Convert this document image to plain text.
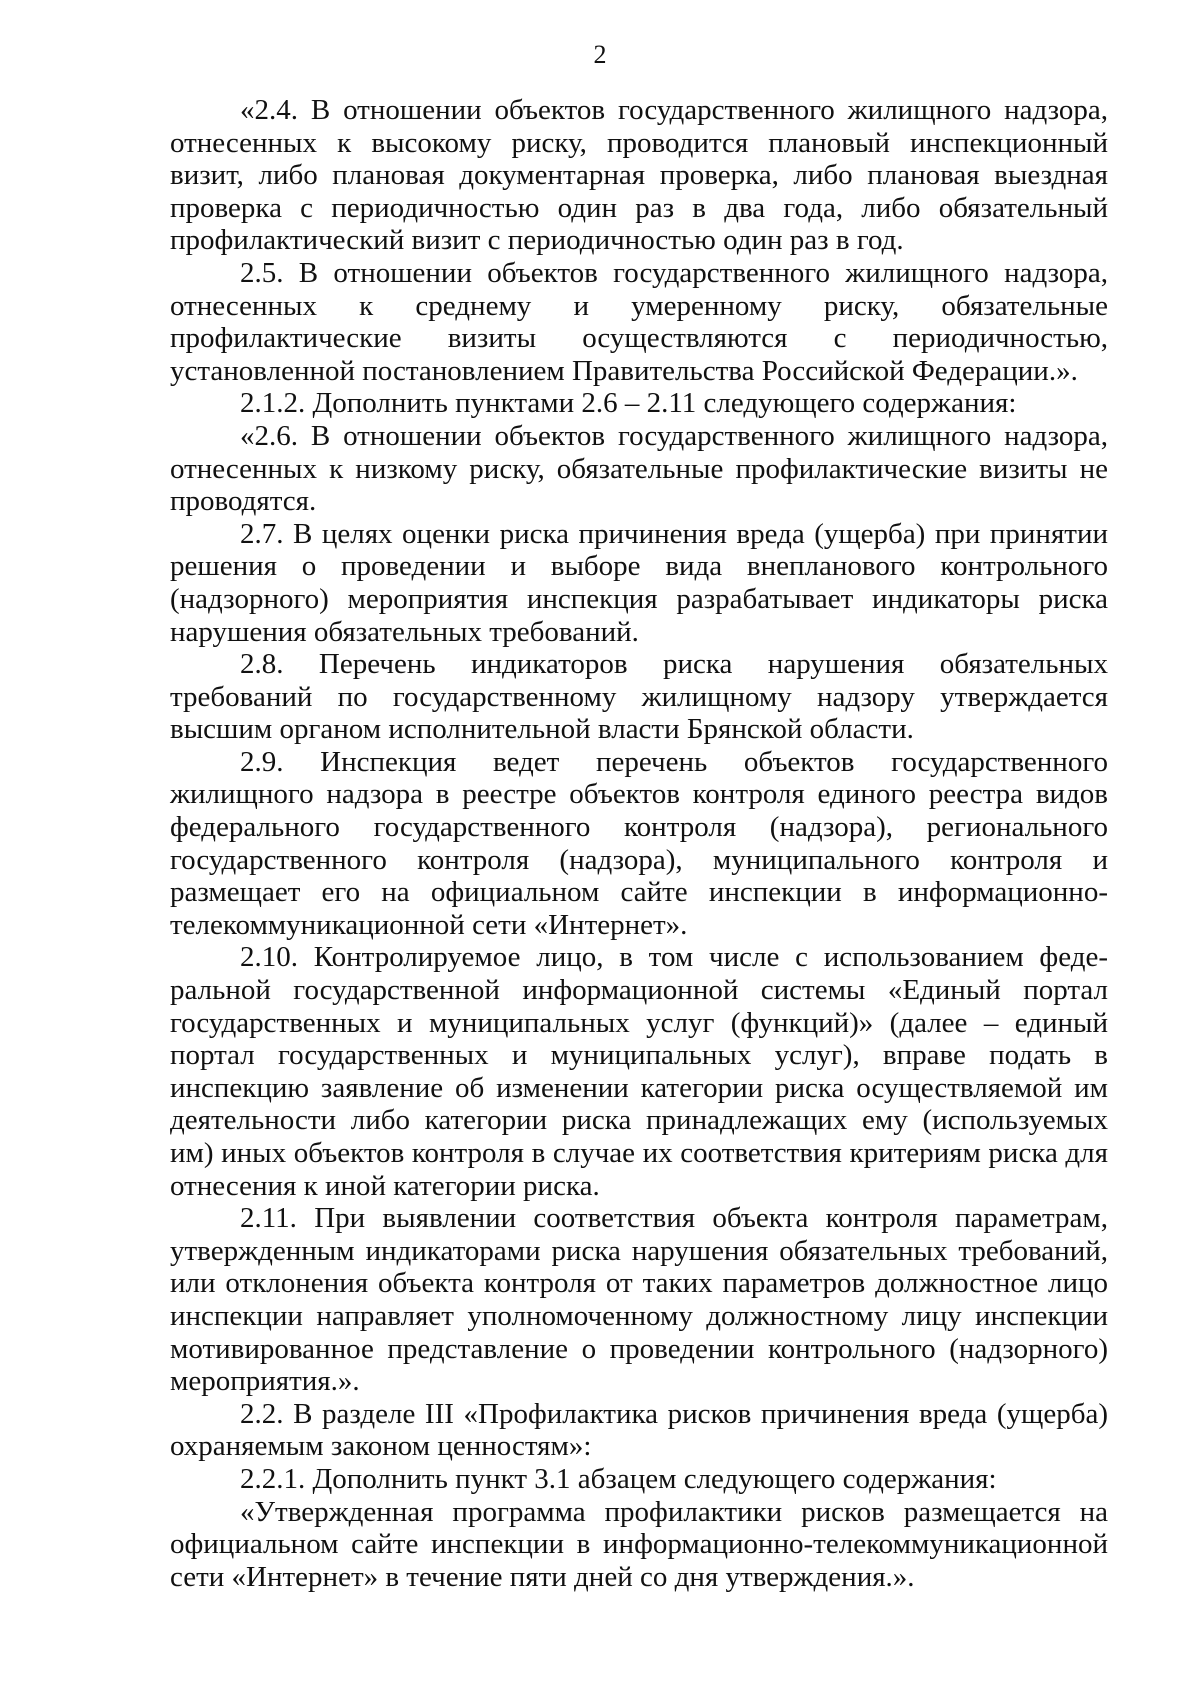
2

«2.4. В отношении объектов государственного жилищного надзора, отнесенных к высокому риску, проводится плановый инспекционный визит, либо плановая документарная проверка, либо плановая выездная проверка с периодичностью один раз в два года, либо обязательный профилактический визит с периодичностью один раз в год.

2.5. В отношении объектов государственного жилищного надзора, отнесенных к среднему и умеренному риску, обязательные профилактические визиты осуществляются с периодичностью, установленной постановлением Правительства Российской Федерации.».

2.1.2. Дополнить пунктами 2.6 – 2.11 следующего содержания:

«2.6. В отношении объектов государственного жилищного надзора, отнесенных к низкому риску, обязательные профилактические визиты не проводятся.

2.7. В целях оценки риска причинения вреда (ущерба) при принятии решения о проведении и выборе вида внепланового контрольного (надзорного) мероприятия инспекция разрабатывает индикаторы риска нарушения обязательных требований.

2.8. Перечень индикаторов риска нарушения обязательных требований по государственному жилищному надзору утверждается высшим органом исполнительной власти Брянской области.

2.9. Инспекция ведет перечень объектов государственного жилищного надзора в реестре объектов контроля единого реестра видов федерального государственного контроля (надзора), регионального государственного контроля (надзора), муниципального контроля и размещает его на официальном сайте инспекции в информационно-телекоммуникационной сети «Интернет».

2.10. Контролируемое лицо, в том числе с использованием федеральной государственной информационной системы «Единый портал государственных и муниципальных услуг (функций)» (далее – единый портал государственных и муниципальных услуг), вправе подать в инспекцию заявление об изменении категории риска осуществляемой им деятельности либо категории риска принадлежащих ему (используемых им) иных объектов контроля в случае их соответствия критериям риска для отнесения к иной категории риска.

2.11. При выявлении соответствия объекта контроля параметрам, утвержденным индикаторами риска нарушения обязательных требований, или отклонения объекта контроля от таких параметров должностное лицо инспекции направляет уполномоченному должностному лицу инспекции мотивированное представление о проведении контрольного (надзорного) мероприятия.».

2.2. В разделе III «Профилактика рисков причинения вреда (ущерба) охраняемым законом ценностям»:

2.2.1. Дополнить пункт 3.1 абзацем следующего содержания:

«Утвержденная программа профилактики рисков размещается на официальном сайте инспекции в информационно-телекоммуникационной сети «Интернет» в течение пяти дней со дня утверждения.».
